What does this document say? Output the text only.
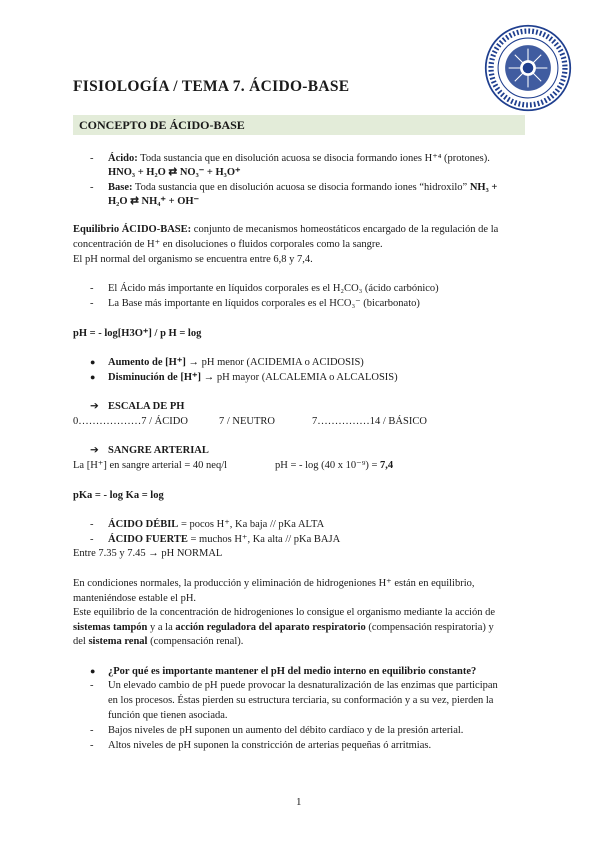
FISIOLOGÍA / TEMA 7. ÁCIDO-BASE
CONCEPTO DE ÁCIDO-BASE
- Ácido: Toda sustancia que en disolución acuosa se disocia formando iones H⁺⁴ (protones).
HNO₃ + H₂O ⇄ NO₃⁻ + H₃O⁺
- Base: Toda sustancia que en disolución acuosa se disocia formando iones “hidroxilo” NH₃ +
H₂O ⇄ NH₄⁺ + OH⁻
Equilibrio ÁCIDO-BASE: conjunto de mecanismos homeostáticos encargado de la regulación de la
concentración de H⁺ en disoluciones o fluidos corporales como la sangre.
El pH normal del organismo se encuentra entre 6,8 y 7,4.
- El Ácido más importante en líquidos corporales es el H₂CO₃ (ácido carbónico)
- La Base más importante en líquidos corporales es el HCO₃⁻ (bicarbonato)
pH = - log[H3O⁺] / p H = log
● Aumento de [H⁺] → pH menor (ACIDEMIA o ACIDOSIS)
● Disminución de [H⁺] → pH mayor (ALCALEMIA o ALCALOSIS)
➔ ESCALA DE PH
0………………7 / ÁCIDO	7 / NEUTRO	7……………14 / BÁSICO
➔ SANGRE ARTERIAL
La [H⁺] en sangre arterial = 40 neq/l	pH = - log (40 x 10⁻⁹) = 7,4
pKa = - log Ka = log
- ÁCIDO DÉBIL = pocos H⁺, Ka baja // pKa ALTA
- ÁCIDO FUERTE = muchos H⁺, Ka alta // pKa BAJA
Entre 7.35 y 7.45 → pH NORMAL
En condiciones normales, la producción y eliminación de hidrogeniones H⁺ están en equilibrio,
manteniéndose estable el pH.
Este equilibrio de la concentración de hidrogeniones lo consigue el organismo mediante la acción de
sistemas tampón y a la acción reguladora del aparato respiratorio (compensación respiratoria) y
del sistema renal (compensación renal).
● ¿Por qué es importante mantener el pH del medio interno en equilibrio constante?
- Un elevado cambio de pH puede provocar la desnaturalización de las enzimas que participan
en los procesos. Éstas pierden su estructura terciaria, su conformación y a su vez, pierden la
función que tienen asociada.
- Bajos niveles de pH suponen un aumento del débito cardíaco y de la presión arterial.
- Altos niveles de pH suponen la constricción de arterias pequeñas ó arritmias.
1
